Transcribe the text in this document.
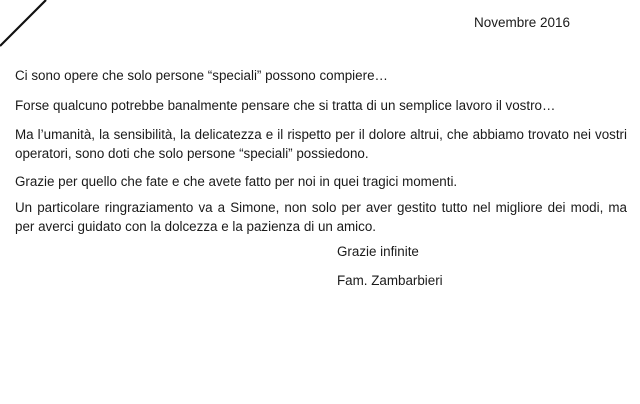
Novembre 2016

Ci sono opere che solo persone “speciali” possono compiere…

Forse qualcuno potrebbe banalmente pensare che si tratta di un semplice lavoro il vostro…

Ma l’umanità, la sensibilità, la delicatezza e il rispetto per il dolore altrui, che abbiamo trovato nei vostri operatori, sono doti che solo persone “speciali” possiedono.

Grazie per quello che fate e che avete fatto per noi in quei tragici momenti.

Un particolare ringraziamento va a Simone, non solo per aver gestito tutto nel migliore dei modi, ma per averci guidato con la dolcezza e la pazienza di un amico.

Grazie infinite
Fam. Zambarbieri
